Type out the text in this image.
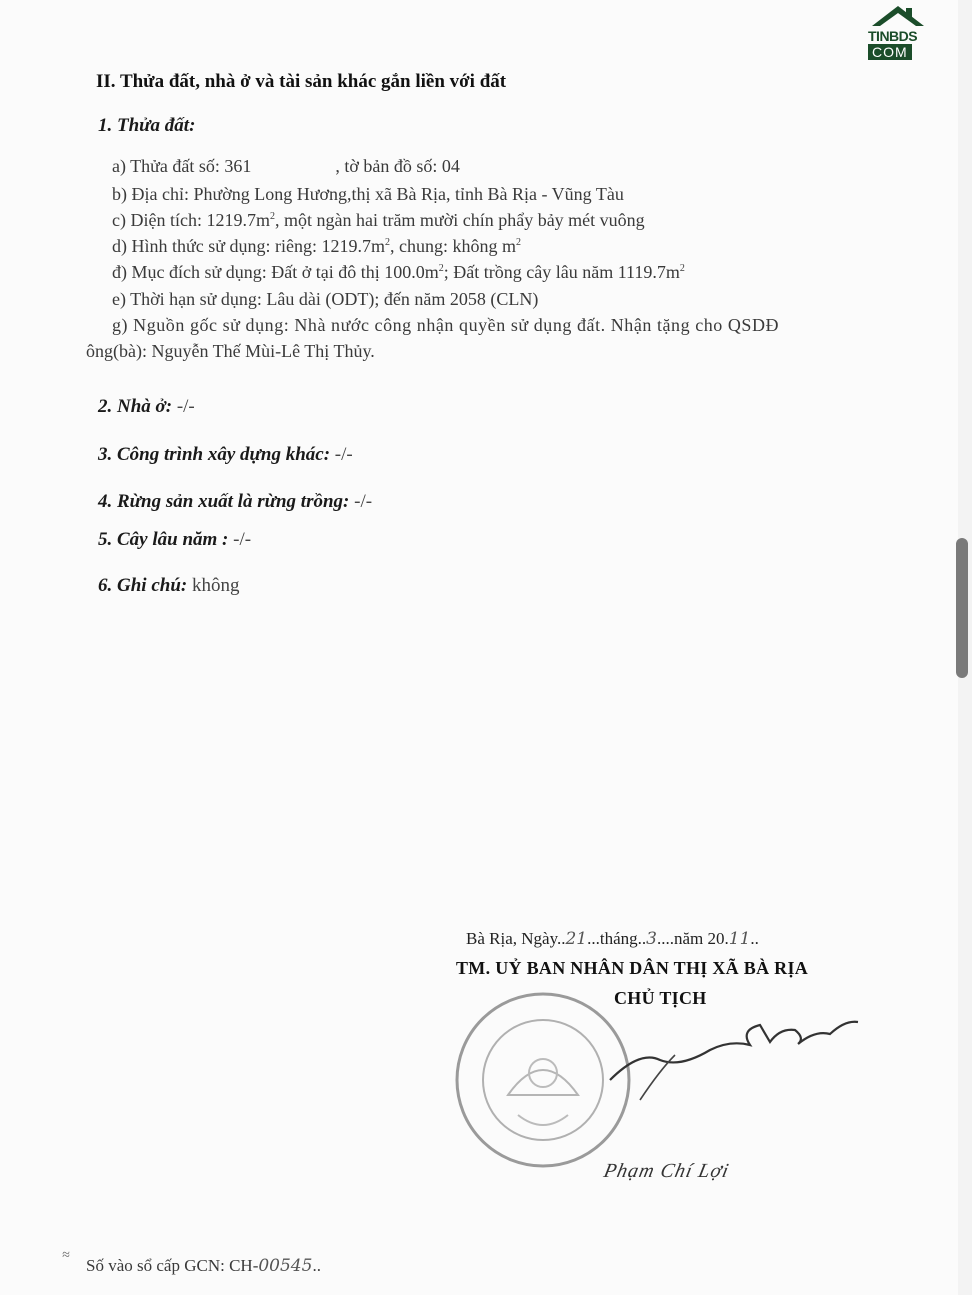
II. Thửa đất, nhà ở và tài sản khác gắn liền với đất
1. Thửa đất:
a) Thửa đất số: 361	, tờ bản đồ số: 04
b) Địa chỉ: Phường Long Hương,thị xã Bà Rịa, tỉnh Bà Rịa - Vũng Tàu
c) Diện tích: $1219.7m^2$, một ngàn hai trăm mười chín phẩy bảy mét vuông
d) Hình thức sử dụng: riêng: $1219.7m^2$, chung: không $m^2$
đ) Mục đích sử dụng: Đất ở tại đô thị $100.0m^2$; Đất trồng cây lâu năm $1119.7m^2$
e) Thời hạn sử dụng: Lâu dài (ODT); đến năm 2058 (CLN)
g) Nguồn gốc sử dụng: Nhà nước công nhận quyền sử dụng đất. Nhận tặng cho QSDĐ
ông(bà): Nguyễn Thế Mùi-Lê Thị Thủy.
2. Nhà ở: -/-
3. Công trình xây dựng khác: -/-
4. Rừng sản xuất là rừng trồng: -/-
5. Cây lâu năm : -/-
6. Ghi chú: không
Bà Rịa, Ngày..21...tháng..3....năm 20.11..
TM. UỶ BAN NHÂN DÂN THỊ XÃ BÀ RỊA
CHỦ TỊCH
Phạm Chí Lợi
≈
Số vào sổ cấp GCN: CH-00545..
TINBDS
COM
